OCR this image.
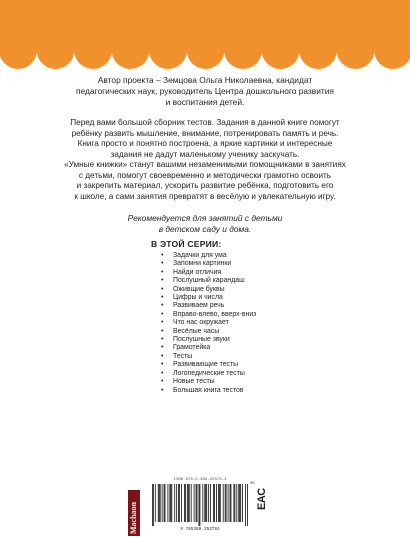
Автор проекта – Земцова Ольга Николаевна, кандидат
педагогических наук, руководитель Центра дошкольного развития
и воспитания детей.
Перед вами большой сборник тестов. Задания в данной книге помогут
ребёнку развить мышление, внимание, потренировать память и речь.
Книга просто и понятно построена, а яркие картинки и интересные
задания не дадут маленькому ученику заскучать.
«Умные книжки» станут вашими незаменимыми помощниками в занятиях
с детьми, помогут своевременно и методически грамотно освоить
и закрепить материал, ускорить развитие ребёнка, подготовить его
к школе, а сами занятия превратят в весёлую и увлекательную игру.
Рекомендуется для занятий с детьми
в детском саду и дома.
В ЭТОЙ СЕРИИ:
• Задачки для ума
• Запомни картинки
• Найди отличия
• Послушный карандаш
• Оживщие буквы
• Цифры и числа
• Развиваем речь
• Вправо-влево, вверх-вниз
• Что нас окружает
• Весёлые часы
• Послушные звуки
• Грамотейка
• Тесты
• Развивающие тесты
• Логопедические тесты
• Новые тесты
• Большая книга тестов
ISBN 978-5-389-25378-4
Machaon	9 785389 253784
05
EAC
